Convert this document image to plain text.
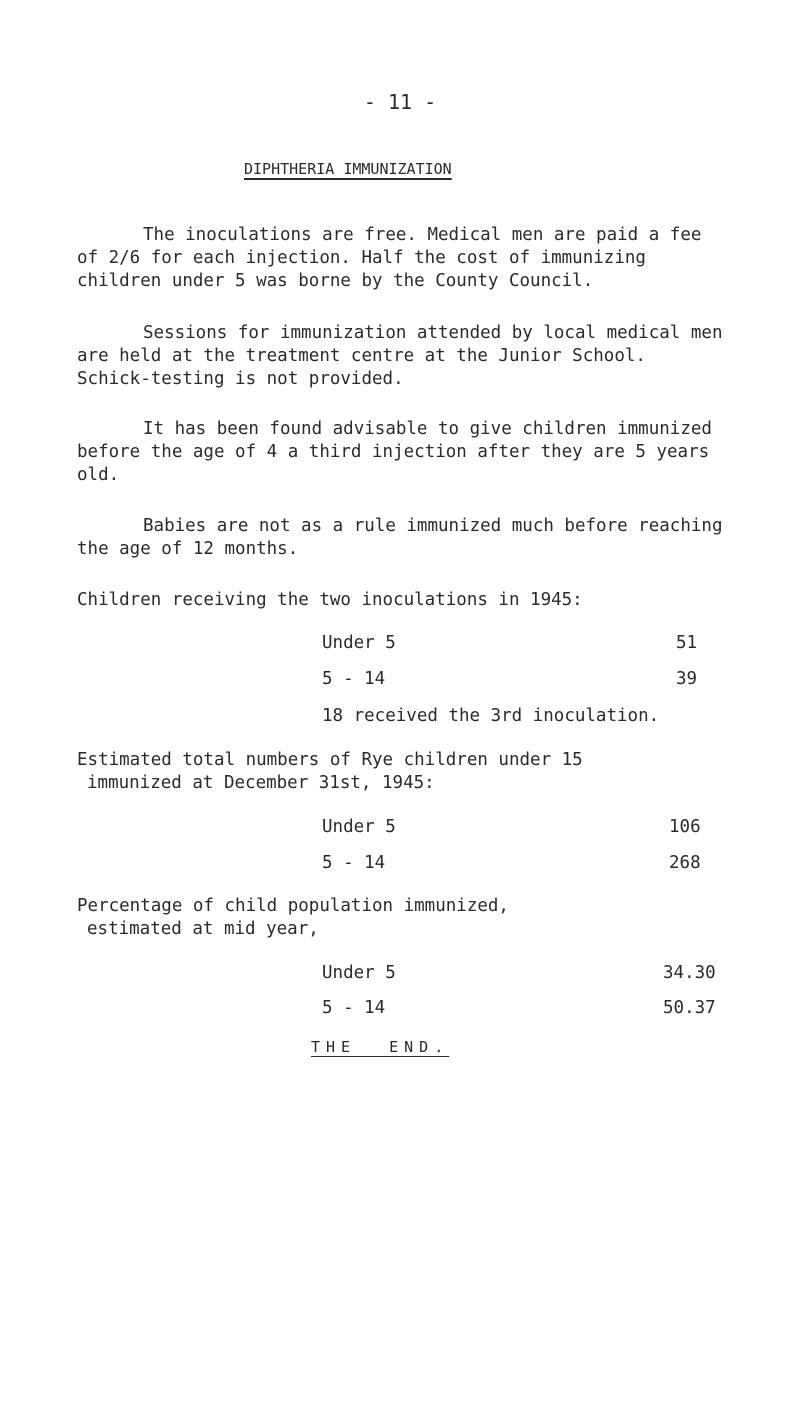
- 11 -
DIPHTHERIA IMMUNIZATION
The inoculations are free. Medical men are paid a fee
of 2/6 for each injection. Half the cost of immunizing
children under 5 was borne by the County Council.
Sessions for immunization attended by local medical men
are held at the treatment centre at the Junior School.
Schick-testing is not provided.
It has been found advisable to give children immunized
before the age of 4 a third injection after they are 5 years
old.
Babies are not as a rule immunized much before reaching
the age of 12 months.
Children receiving the two inoculations in 1945:
Under 5	51
5 - 14	39
18 received the 3rd inoculation.
Estimated total numbers of Rye children under 15
immunized at December 31st, 1945:
Under 5	106
5 - 14	268
Percentage of child population immunized,
estimated at mid year,
Under 5	34.30
5 - 14	50.37
THE END.
